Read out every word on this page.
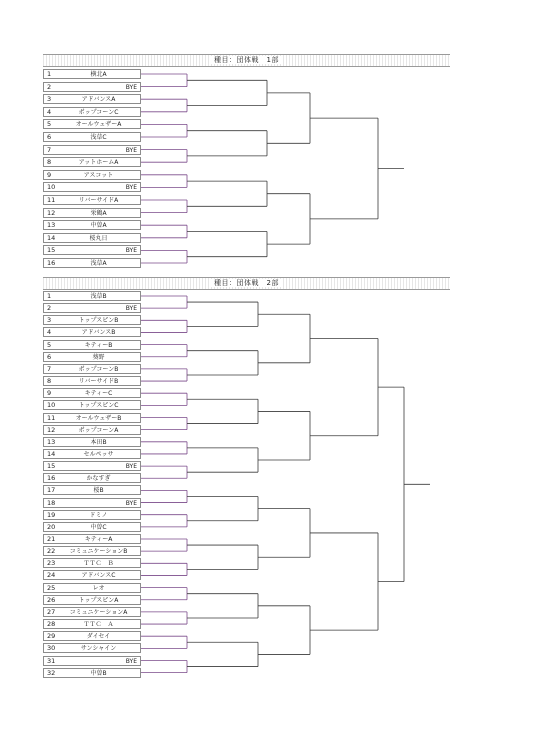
種目：団体戦　1部
1	横北A
2	BYE
3	アドバンスA
4	ポップコーンC
5	オールウェザーA
6	浅草C
7	BYE
8	アットホームA
9	アスコット
10	BYE
11	リバーサイドA
12	栄鶴A
13	中曽A
14	桜丸日
15	BYE
16	浅草A
種目：団体戦　2部
1	浅草B
2	BYE
3	トップスピンB
4	アドバンスB
5	キティーB
6	葵野
7	ポップコーンB
8	リバーサイドB
9	キティーC
10	トップスピンC
11	オールウェザーB
12	ポップコーンA
13	本田B
14	セルペッサ
15	BYE
16	かなすぎ
17	桜B
18	BYE
19	ドミノ
20	中曽C
21	キティーA
22	コミュニケーションB
23	ＴＴＣ　Ｂ
24	アドバンスC
25	レオ
26	トップスピンA
27	コミュニケーションA
28	ＴＴＣ　Ａ
29	ダイセイ
30	サンシャイン
31	BYE
32	中曽B
